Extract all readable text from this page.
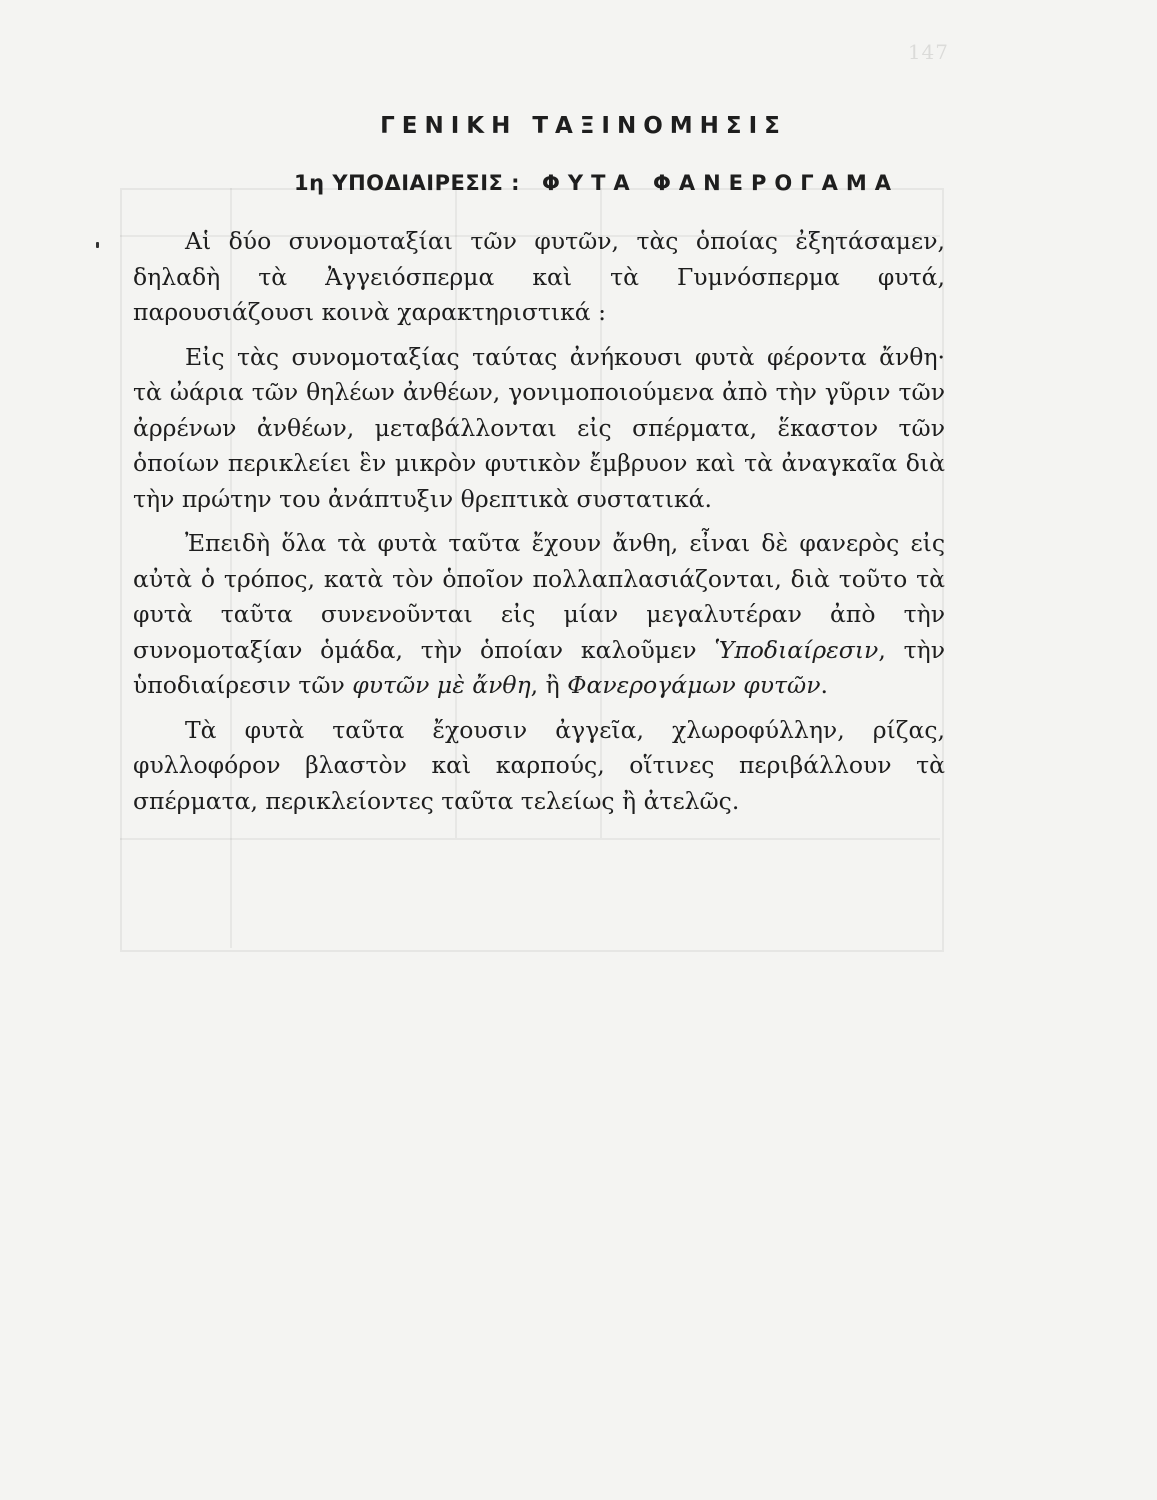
147
ΓΕΝΙΚΗ ΤΑΞΙΝΟΜΗΣΙΣ
1η ΥΠΟΔΙΑΙΡΕΣΙΣ : ΦΥΤΑ ΦΑΝΕΡΟΓΑΜΑ

Αἱ δύο συνομοταξίαι τῶν φυτῶν, τὰς ὁποίας ἐξητάσαμεν, δηλαδὴ τὰ Ἀγγειόσπερμα καὶ τὰ Γυμνόσπερμα φυτά, παρουσιάζουσι κοινὰ χαρακτηριστικά :

Εἰς τὰς συνομοταξίας ταύτας ἀνήκουσι φυτὰ φέροντα ἄνθη· τὰ ὠάρια τῶν θηλέων ἀνθέων, γονιμοποιούμενα ἀπὸ τὴν γῦριν τῶν ἀρρένων ἀνθέων, μεταβάλλονται εἰς σπέρματα, ἕκαστον τῶν ὁποίων περικλείει ἓν μικρὸν φυτικὸν ἔμβρυον καὶ τὰ ἀναγκαῖα διὰ τὴν πρώτην του ἀνάπτυξιν θρεπτικὰ συστατικά.

Ἐπειδὴ ὅλα τὰ φυτὰ ταῦτα ἔχουν ἄνθη, εἶναι δὲ φανερὸς εἰς αὐτὰ ὁ τρόπος, κατὰ τὸν ὁποῖον πολλαπλασιάζονται, διὰ τοῦτο τὰ φυτὰ ταῦτα συνενοῦνται εἰς μίαν μεγαλυτέραν ἀπὸ τὴν συνομοταξίαν ὁμάδα, τὴν ὁποίαν καλοῦμεν Ὑποδιαίρεσιν, τὴν ὑποδιαίρεσιν τῶν φυτῶν μὲ ἄνθη, ἢ Φανερογάμων φυτῶν.

Τὰ φυτὰ ταῦτα ἔχουσιν ἀγγεῖα, χλωροφύλλην, ρίζας, φυλλοφόρον βλαστὸν καὶ καρπούς, οἵτινες περιβάλλουν τὰ σπέρματα, περικλείοντες ταῦτα τελείως ἢ ἀτελῶς.
